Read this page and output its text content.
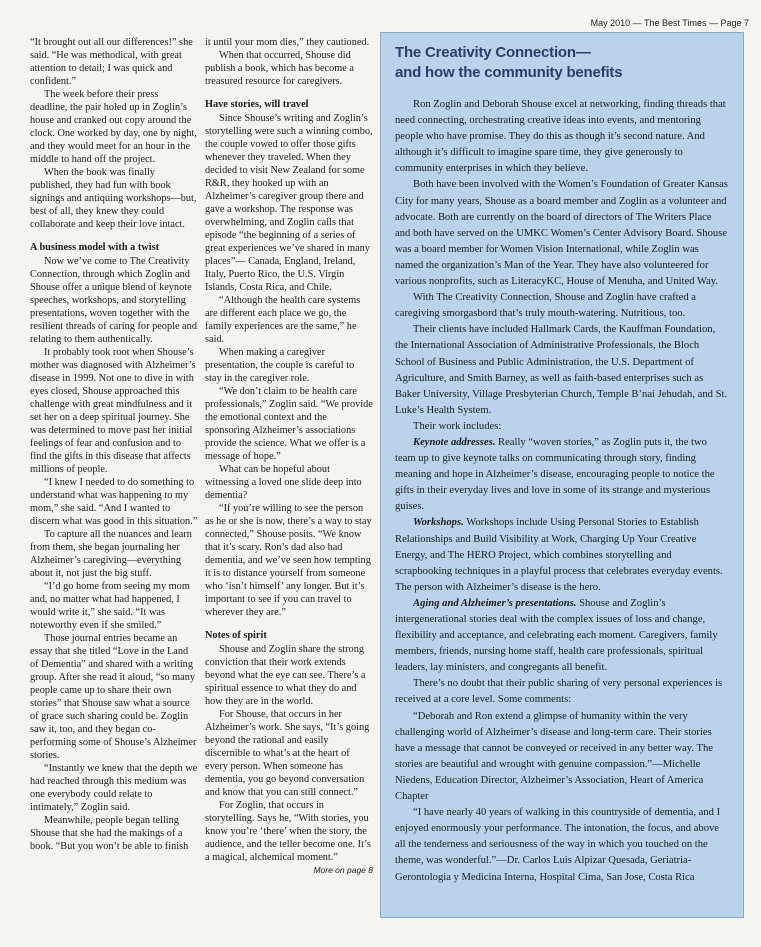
May 2010 — The Best Times — Page 7

“It brought out all our differences!” she said. “He was methodical, with great attention to detail; I was quick and confident.”

The week before their press deadline, the pair holed up in Zoglin’s house and cranked out copy around the clock. One worked by day, one by night, and they would meet for an hour in the middle to hand off the project.

When the book was finally published, they had fun with book signings and antiquing workshops—but, best of all, they knew they could collaborate and keep their love intact.

A business model with a twist

Now we’ve come to The Creativity Connection, through which Zoglin and Shouse offer a unique blend of keynote speeches, workshops, and storytelling presentations, woven together with the resilient threads of caring for people and relating to them authentically.

It probably took root when Shouse’s mother was diagnosed with Alzheimer’s disease in 1999. Not one to dive in with eyes closed, Shouse approached this challenge with great mindfulness and it set her on a deep spiritual journey. She was determined to move past her initial feelings of fear and confusion and to find the gifts in this disease that affects millions of people.

“I knew I needed to do something to understand what was happening to my mom,” she said. “And I wanted to discern what was good in this situation.”

To capture all the nuances and learn from them, she began journaling her Alzheimer’s caregiving—everything about it, not just the big stuff.

“I’d go home from seeing my mom and, no matter what had happened, I would write it,” she said. “It was noteworthy even if she smiled.”

Those journal entries became an essay that she titled “Love in the Land of Dementia” and shared with a writing group. After she read it aloud, “so many people came up to share their own stories” that Shouse saw what a source of grace such sharing could be. Zoglin saw it, too, and they began co-performing some of Shouse’s Alzheimer stories.

“Instantly we knew that the depth we had reached through this medium was one everybody could relate to intimately,” Zoglin said.

Meanwhile, people began telling Shouse that she had the makings of a book. “But you won’t be able to finish

it until your mom dies,” they cautioned.

When that occurred, Shouse did publish a book, which has become a treasured resource for caregivers.

Have stories, will travel

Since Shouse’s writing and Zoglin’s storytelling were such a winning combo, the couple vowed to offer those gifts whenever they traveled. When they decided to visit New Zealand for some R&R, they hooked up with an Alzheimer’s caregiver group there and gave a workshop. The response was overwhelming, and Zoglin calls that episode “the beginning of a series of great experiences we’ve shared in many places”— Canada, England, Ireland, Italy, Puerto Rico, the U.S. Virgin Islands, Costa Rica, and Chile.

“Although the health care systems are different each place we go, the family experiences are the same,” he said.

When making a caregiver presentation, the couple is careful to stay in the caregiver role.

“We don’t claim to be health care professionals,” Zoglin said. “We provide the emotional context and the sponsoring Alzheimer’s associations provide the science. What we offer is a message of hope.”

What can be hopeful about witnessing a loved one slide deep into dementia?

“If you’re willing to see the person as he or she is now, there’s a way to stay connected,” Shouse posits. “We know that it’s scary. Ron’s dad also had dementia, and we’ve seen how tempting it is to distance yourself from someone who ‘isn’t himself’ any longer. But it’s important to see if you can travel to wherever they are.”

Notes of spirit

Shouse and Zoglin share the strong conviction that their work extends beyond what the eye can see. There’s a spiritual essence to what they do and how they are in the world.

For Shouse, that occurs in her Alzheimer’s work. She says, “It’s going beyond the rational and easily discernible to what’s at the heart of every person. When someone has dementia, you go beyond conversation and know that you can still connect.”

For Zoglin, that occurs in storytelling. Says he, “With stories, you know you’re ‘there’ when the story, the audience, and the teller become one. It’s a magical, alchemical moment.”

More on page 8
The Creativity Connection—
and how the community benefits

Ron Zoglin and Deborah Shouse excel at networking, finding threads that need connecting, orchestrating creative ideas into events, and mentoring people who have promise. They do this as though it’s second nature. And although it’s difficult to imagine spare time, they give generously to community enterprises in which they believe.

Both have been involved with the Women’s Foundation of Greater Kansas City for many years, Shouse as a board member and Zoglin as a volunteer and advocate. Both are currently on the board of directors of The Writers Place and both have served on the UMKC Women’s Center Advisory Board. Shouse was a board member for Women Vision International, while Zoglin was named the organization’s Man of the Year. They have also volunteered for various nonprofits, such as LiteracyKC, House of Menuha, and United Way.

With The Creativity Connection, Shouse and Zoglin have crafted a caregiving smorgasbord that’s truly mouth-watering. Nutritious, too.

Their clients have included Hallmark Cards, the Kauffman Foundation, the International Association of Administrative Professionals, the Bloch School of Business and Public Administration, the U.S. Department of Agriculture, and Smith Barney, as well as faith-based enterprises such as Baker University, Village Presbyterian Church, Temple B’nai Jehudah, and St. Luke’s Health System.

Their work includes:

Keynote addresses. Really “woven stories,” as Zoglin puts it, the two team up to give keynote talks on communicating through story, finding meaning and hope in Alzheimer’s disease, encouraging people to notice the gifts in their everyday lives and love in some of its strange and mysterious guises.

Workshops. Workshops include Using Personal Stories to Establish Relationships and Build Visibility at Work, Charging Up Your Creative Energy, and The HERO Project, which combines storytelling and scrapbooking techniques in a playful process that celebrates everyday events. The person with Alzheimer’s disease is the hero.

Aging and Alzheimer’s presentations. Shouse and Zoglin’s intergenerational stories deal with the complex issues of loss and change, flexibility and acceptance, and celebrating each moment. Caregivers, family members, friends, nursing home staff, health care professionals, spiritual leaders, lay ministers, and congregants all benefit.

There’s no doubt that their public sharing of very personal experiences is received at a core level. Some comments:

“Deborah and Ron extend a glimpse of humanity within the very challenging world of Alzheimer’s disease and long-term care. Their stories have a message that cannot be conveyed or received in any better way. The stories are beautiful and wrought with genuine compassion.”—Michelle Niedens, Education Director, Alzheimer’s Association, Heart of America Chapter

“I have nearly 40 years of walking in this countryside of dementia, and I enjoyed enormously your performance. The intonation, the focus, and above all the tenderness and seriousness of the way in which you touched on the theme, was wonderful.”—Dr. Carlos Luis Alpizar Quesada, Geriatria-Gerontologia y Medicina Interna, Hospital Cima, San Jose, Costa Rica
